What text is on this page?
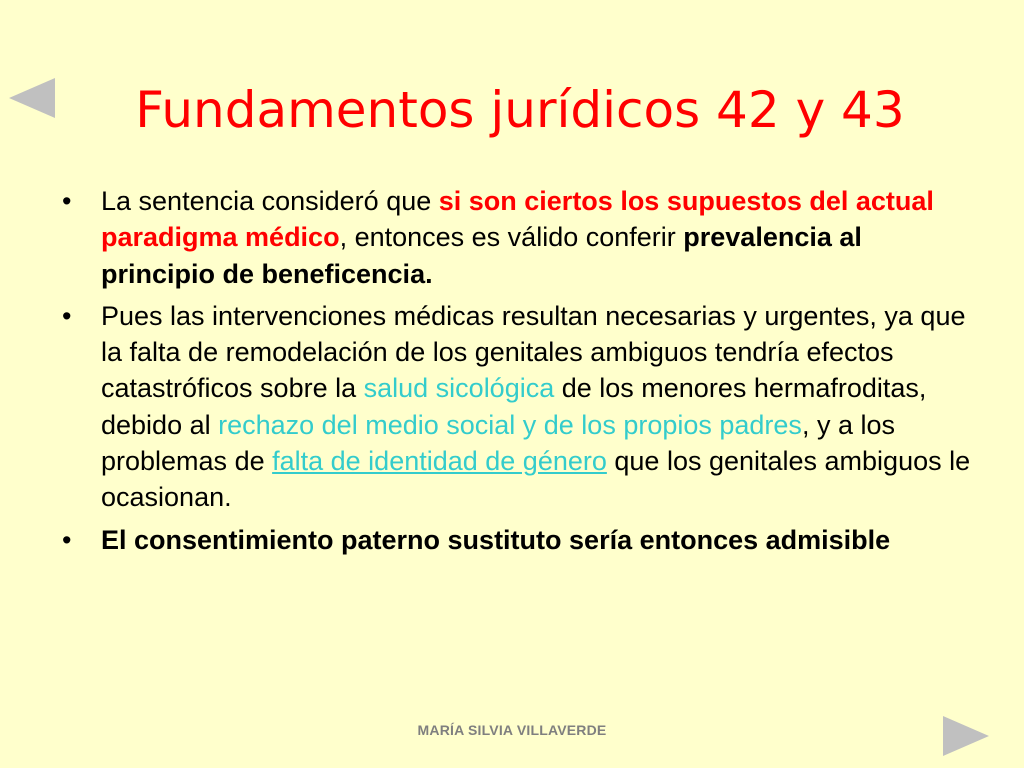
Fundamentos jurídicos 42 y 43
• La sentencia consideró que si son ciertos los supuestos del actual paradigma médico, entonces es válido conferir prevalencia al principio de beneficencia.
• Pues las intervenciones médicas resultan necesarias y urgentes, ya que la falta de remodelación de los genitales ambiguos tendría efectos catastróficos sobre la salud sicológica de los menores hermafroditas, debido al rechazo del medio social y de los propios padres, y a los problemas de falta de identidad de género que los genitales ambiguos le ocasionan.
• El consentimiento paterno sustituto sería entonces admisible
MARÍA SILVIA VILLAVERDE
